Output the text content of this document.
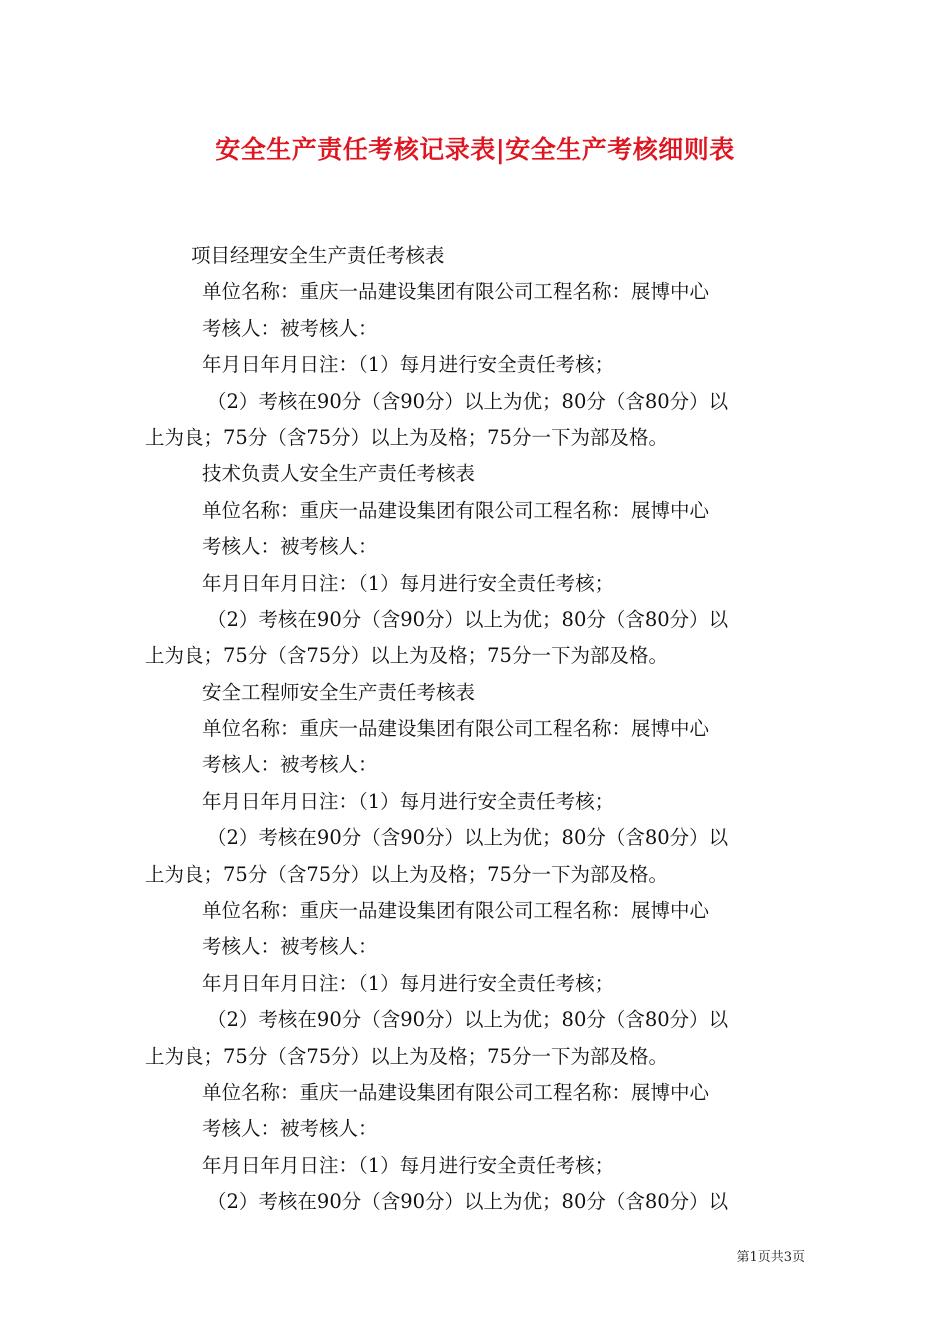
安全生产责任考核记录表|安全生产考核细则表
项目经理安全生产责任考核表
单位名称：重庆一品建设集团有限公司工程名称：展博中心
考核人：被考核人：
年月日年月日注：（1）每月进行安全责任考核；
（2）考核在90分（含90分）以上为优；80分（含80分）以
上为良；75分（含75分）以上为及格；75分一下为部及格。
技术负责人安全生产责任考核表
单位名称：重庆一品建设集团有限公司工程名称：展博中心
考核人：被考核人：
年月日年月日注：（1）每月进行安全责任考核；
（2）考核在90分（含90分）以上为优；80分（含80分）以
上为良；75分（含75分）以上为及格；75分一下为部及格。
安全工程师安全生产责任考核表
单位名称：重庆一品建设集团有限公司工程名称：展博中心
考核人：被考核人：
年月日年月日注：（1）每月进行安全责任考核；
（2）考核在90分（含90分）以上为优；80分（含80分）以
上为良；75分（含75分）以上为及格；75分一下为部及格。
单位名称：重庆一品建设集团有限公司工程名称：展博中心
考核人：被考核人：
年月日年月日注：（1）每月进行安全责任考核；
（2）考核在90分（含90分）以上为优；80分（含80分）以
上为良；75分（含75分）以上为及格；75分一下为部及格。
单位名称：重庆一品建设集团有限公司工程名称：展博中心
考核人：被考核人：
年月日年月日注：（1）每月进行安全责任考核；
（2）考核在90分（含90分）以上为优；80分（含80分）以
第1页共3页
